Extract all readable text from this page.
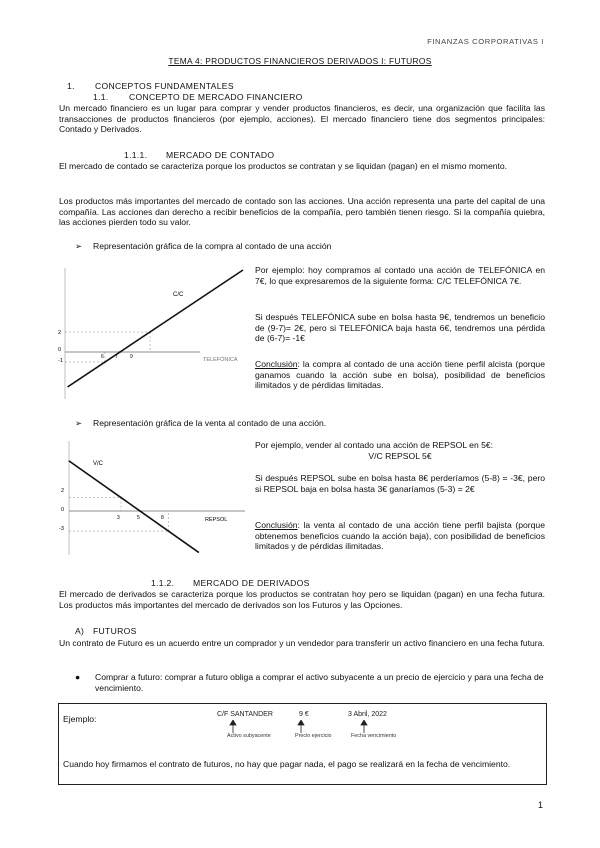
FINANZAS CORPORATIVAS I
TEMA 4: PRODUCTOS FINANCIEROS DERIVADOS I: FUTUROS
1. CONCEPTOS FUNDAMENTALES
1.1. CONCEPTO DE MERCADO FINANCIERO
Un mercado financiero es un lugar para comprar y vender productos financieros, es decir, una organización que facilita las transacciones de productos financieros (por ejemplo, acciones). El mercado financiero tiene dos segmentos principales: Contado y Derivados.
1.1.1. MERCADO DE CONTADO
El mercado de contado se caracteriza porque los productos se contratan y se liquidan (pagan) en el mismo momento.
Los productos más importantes del mercado de contado son las acciones. Una acción representa una parte del capital de una compañía. Las acciones dan derecho a recibir beneficios de la compañía, pero también tienen riesgo. Si la compañía quiebra, las acciones pierden todo su valor.
➢ Representación gráfica de la compra al contado de una acción
C/C
TELEFÓNICA
2
0
-1
6 7 9
Por ejemplo: hoy compramos al contado una acción de TELEFÓNICA en 7€, lo que expresaremos de la siguiente forma: C/C TELEFÓNICA 7€.
Si después TELEFÓNICA sube en bolsa hasta 9€, tendremos un beneficio de (9-7)= 2€, pero si TELEFÓNICA baja hasta 6€, tendremos una pérdida de (6-7)= -1€
Conclusión: la compra al contado de una acción tiene perfil alcista (porque ganamos cuando la acción sube en bolsa), posibilidad de beneficios ilimitados y de pérdidas limitadas.
➢ Representación gráfica de la venta al contado de una acción.
V/C
REPSOL
2
0
-3
3	5	8
Por ejemplo, vender al contado una acción de REPSOL en 5€:
V/C REPSOL 5€
Si después REPSOL sube en bolsa hasta 8€ perderíamos (5-8) = -3€, pero si REPSOL baja en bolsa hasta 3€ ganaríamos (5-3) = 2€
Conclusión: la venta al contado de una acción tiene perfil bajista (porque obtenemos beneficios cuando la acción baja), con posibilidad de beneficios limitados y de pérdidas ilimitadas.
1.1.2. MERCADO DE DERIVADOS
El mercado de derivados se caracteriza porque los productos se contratan hoy pero se liquidan (pagan) en una fecha futura. Los productos más importantes del mercado de derivados son los Futuros y las Opciones.
A) FUTUROS
Un contrato de Futuro es un acuerdo entre un comprador y un vendedor para transferir un activo financiero en una fecha futura.
● Comprar a futuro: comprar a futuro obliga a comprar el activo subyacente a un precio de ejercicio y para una fecha de vencimiento.
Ejemplo:	C/F SANTANDER	9 €	3 Abril, 2022
Activo subyacente	Precio ejercicio	Fecha vencimiento
Cuando hoy firmamos el contrato de futuros, no hay que pagar nada, el pago se realizará en la fecha de vencimiento.
1
